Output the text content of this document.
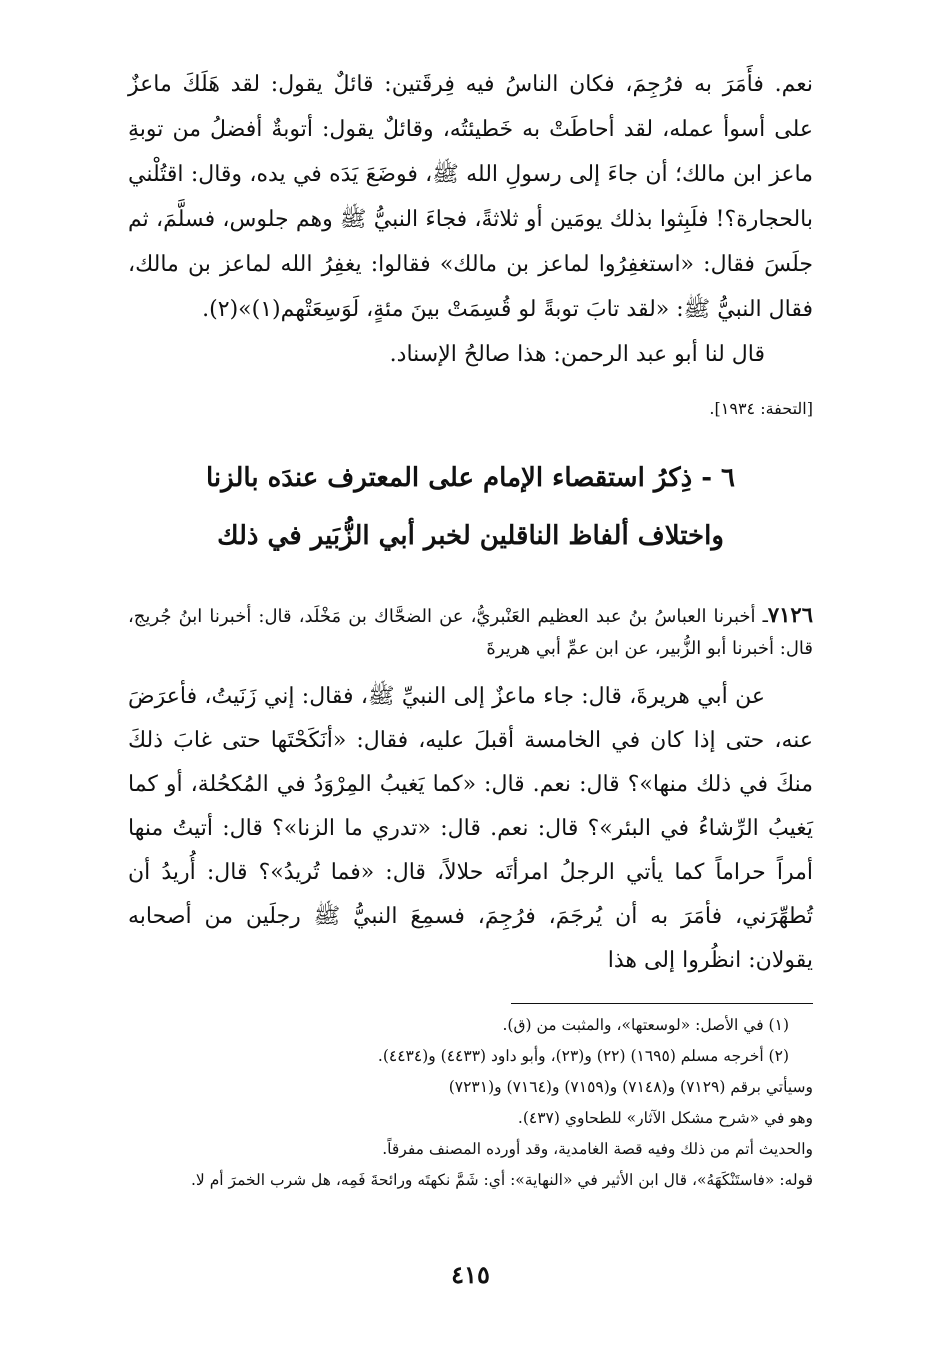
نعم. فأَمَرَ به فرُجِمَ، فكان الناسُ فيه فِرقَتين: قائلٌ يقول: لقد هَلَكَ ماعزٌ على أسوأ عمله، لقد أحاطَتْ به خَطيئتُه، وقائلٌ يقول: أتوبةٌ أفضلُ من توبةِ ماعز ابن مالك؛ أن جاءَ إلى رسولِ الله ﷺ، فوضَعَ يَدَه في يده، وقال: اقتُلْني بالحجارة؟! فلَبِثوا بذلك يومَين أو ثلاثةً، فجاءَ النبيُّ ﷺ وهم جلوس، فسلَّمَ، ثم جلَسَ فقال: «استغفِرُوا لماعز بن مالك» فقالوا: يغفِرُ الله لماعز بن مالك، فقال النبيُّ ﷺ: «لقد تابَ توبةً لو قُسِمَتْ بينَ مئةٍ، لَوَسِعَتْهم(١)»(٢).

قال لنا أبو عبد الرحمن: هذا صالحُ الإسناد.

[التحفة: ١٩٣٤].
٦ - ذِكرُ استقصاء الإمام على المعترف عندَه بالزنا
واختلاف ألفاظ الناقلين لخبر أبي الزُّبَير في ذلك

٧١٢٦ـ أخبرنا العباسُ بنُ عبد العظيم العَنْبريُّ، عن الضحَّاك بن مَخْلَد، قال: أخبرنا ابنُ جُريج، قال: أخبرنا أبو الزُّبير، عن ابن عمِّ أبي هريرةَ

عن أبي هريرةَ، قال: جاء ماعزٌ إلى النبيِّ ﷺ، فقال: إني زَنَيتُ، فأعرَضَ عنه، حتى إذا كان في الخامسة أقبلَ عليه، فقال: «أنَكَحْتَها حتى غابَ ذلكَ منكَ في ذلك منها»؟ قال: نعم. قال: «كما يَغيبُ المِرْوَدُ في المُكحُلة، أو كما يَغيبُ الرِّشاءُ في البئر»؟ قال: نعم. قال: «تدري ما الزنا»؟ قال: أتيتُ منها أمراً حراماً كما يأتي الرجلُ امرأتَه حلالاً، قال: «فما تُريدُ»؟ قال: أُريدُ أن تُطهِّرَني، فأمَرَ به أن يُرجَمَ، فرُجِمَ، فسمِعَ النبيُّ ﷺ رجلَين من أصحابه يقولان: انظُروا إلى هذا

(١) في الأصل: «لوسعتها»، والمثبت من (ق).
(٢) أخرجه مسلم (١٦٩٥) (٢٢) و(٢٣)، وأبو داود (٤٤٣٣) و(٤٤٣٤).
وسيأتي برقم (٧١٢٩) و(٧١٤٨) و(٧١٥٩) و(٧١٦٤) و(٧٢٣١)
وهو في «شرح مشكل الآثار» للطحاوي (٤٣٧).
والحديث أتم من ذلك وفيه قصة الغامدية، وقد أورده المصنف مفرقاً.
قوله: «فاستَنْكَهَهُ»، قال ابن الأثير في «النهاية»: أي: شَمَّ نكهتَه ورائحةَ فَمِه، هل شرب الخمرَ أم لا.
٤١٥
